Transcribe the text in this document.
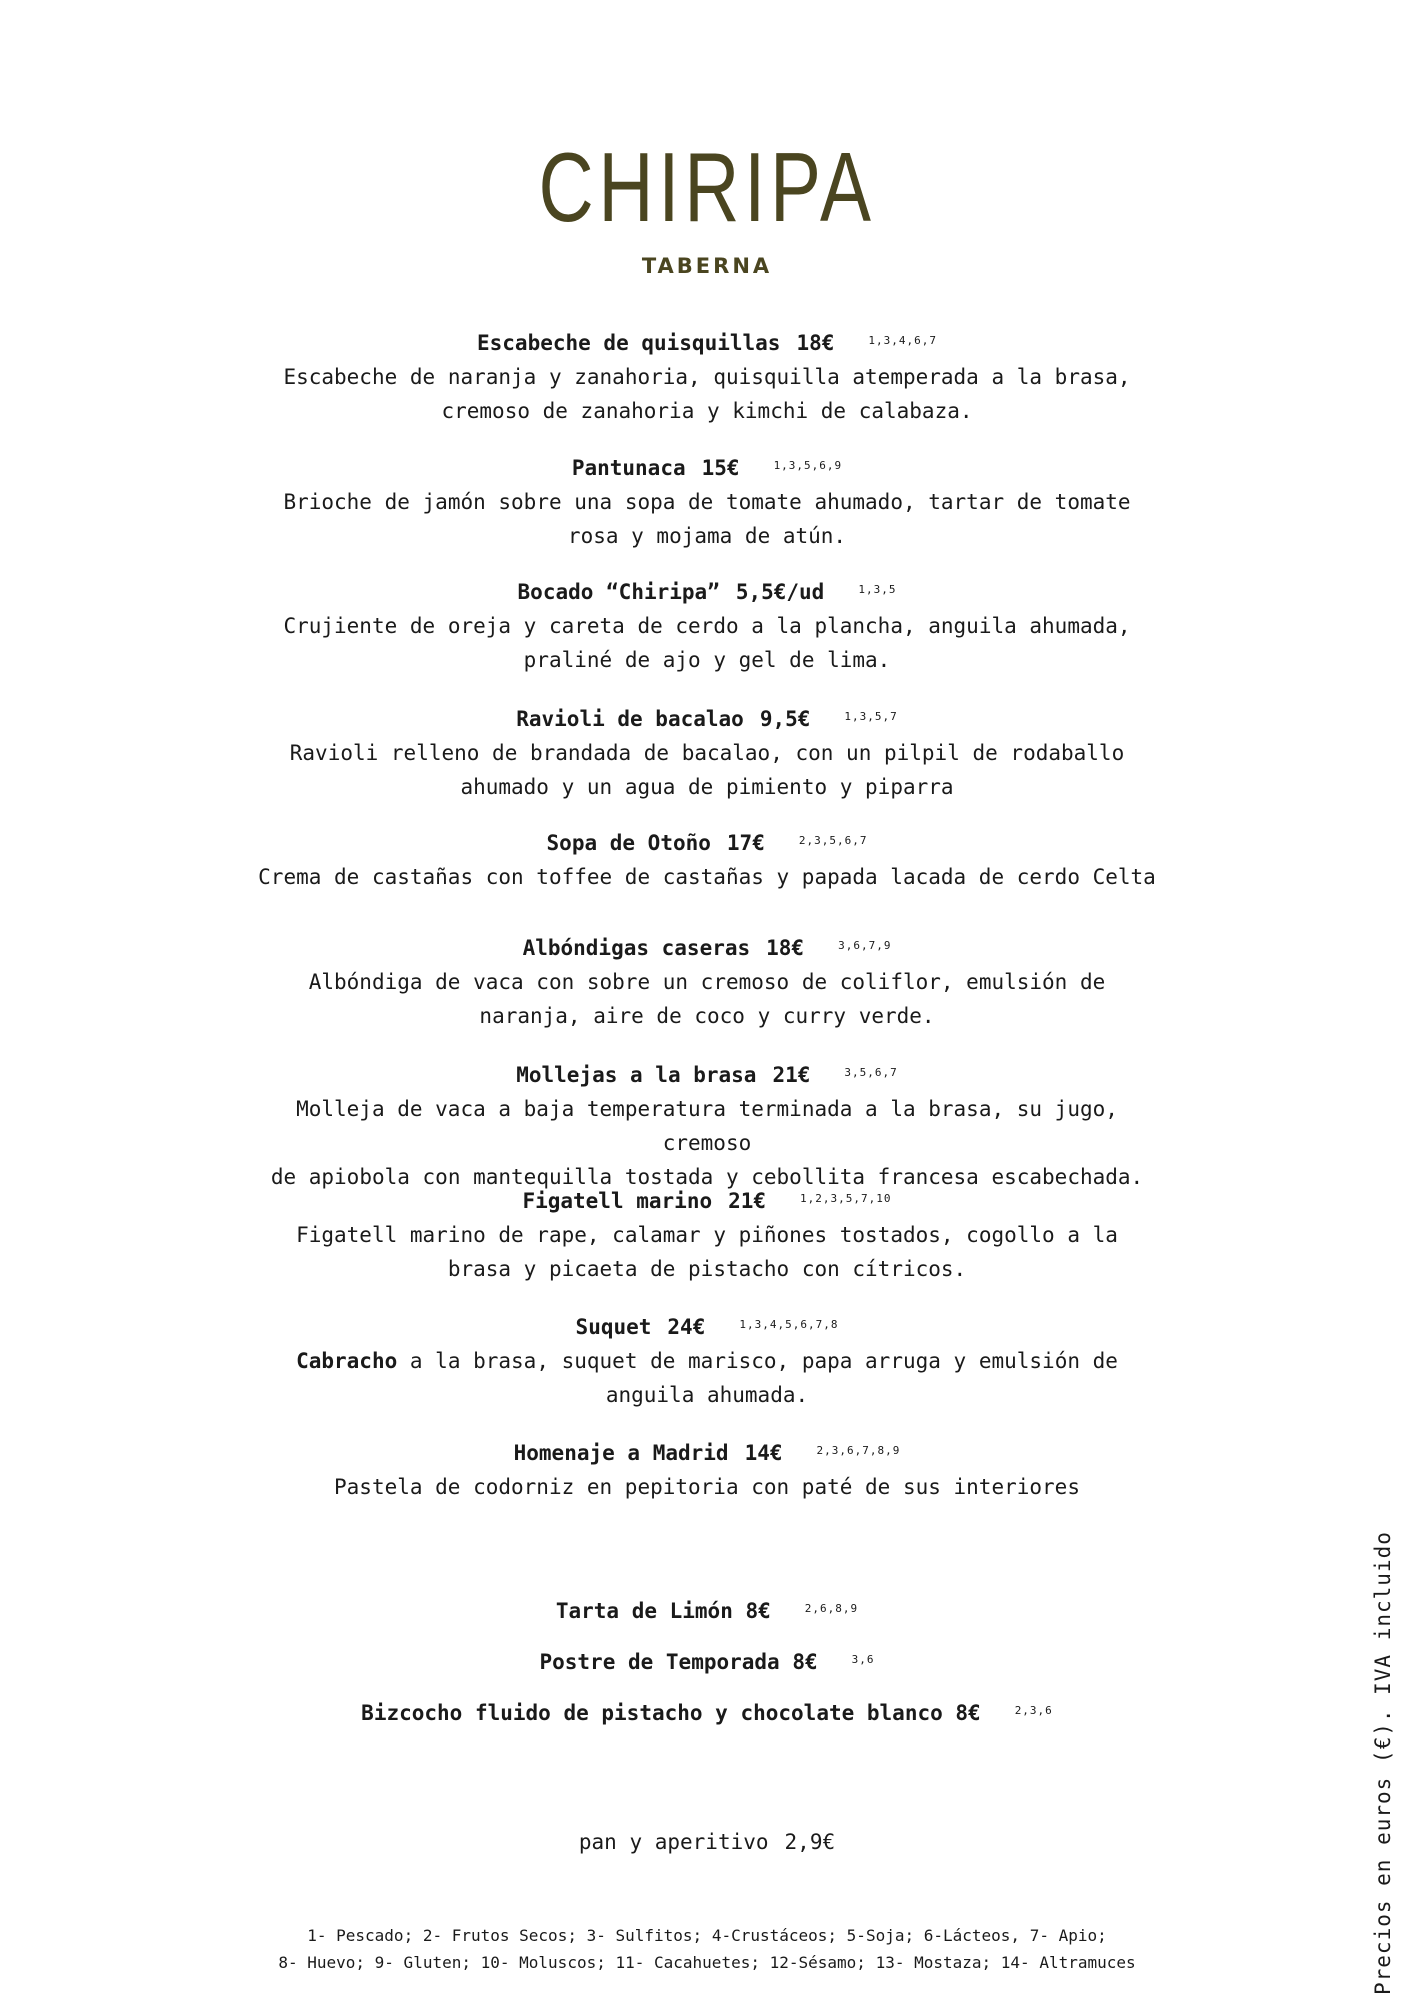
CHIRIPA
TABERNA
Escabeche de quisquillas 18€	$^{1,3,4,6,7}$
Escabeche de naranja y zanahoria, quisquilla atemperada a la brasa,
cremoso de zanahoria y kimchi de calabaza.
Pantunaca 15€	$^{1,3,5,6,9}$
Brioche de jamón sobre una sopa de tomate ahumado, tartar de tomate
rosa y mojama de atún.
Bocado “Chiripa” 5,5€/ud	$^{1,3,5}$
Crujiente de oreja y careta de cerdo a la plancha, anguila ahumada,
praliné de ajo y gel de lima.
Ravioli de bacalao 9,5€	$^{1,3,5,7}$
Ravioli relleno de brandada de bacalao, con un pilpil de rodaballo
ahumado y un agua de pimiento y piparra
Sopa de Otoño 17€	$^{2,3,5,6,7}$
Crema de castañas con toffee de castañas y papada lacada de cerdo Celta
Albóndigas caseras 18€	$^{3,6,7,9}$
Albóndiga de vaca con sobre un cremoso de coliflor, emulsión de
naranja, aire de coco y curry verde.
Mollejas a la brasa 21€	$^{3,5,6,7}$
Molleja de vaca a baja temperatura terminada a la brasa, su jugo, cremoso
de apiobola con mantequilla tostada y cebollita francesa escabechada.
Figatell marino 21€	$^{1,2,3,5,7,10}$
Figatell marino de rape, calamar y piñones tostados, cogollo a la
brasa y picaeta de pistacho con cítricos.
Suquet 24€	$^{1,3,4,5,6,7,8}$
Cabracho a la brasa, suquet de marisco, papa arruga y emulsión de
anguila ahumada.
Homenaje a Madrid 14€	$^{2,3,6,7,8,9}$
Pastela de codorniz en pepitoria con paté de sus interiores
Tarta de Limón 8€	$^{2,6,8,9}$
Postre de Temporada 8€	$^{3,6}$
Bizcocho fluido de pistacho y chocolate blanco 8€	$^{2,3,6}$
pan y aperitivo 2,9€
1- Pescado; 2- Frutos Secos; 3- Sulfitos; 4-Crustáceos; 5-Soja; 6-Lácteos, 7- Apio;
8- Huevo; 9- Gluten; 10- Moluscos; 11- Cacahuetes; 12-Sésamo; 13- Mostaza; 14- Altramuces	Precios en euros (€). IVA incluido
